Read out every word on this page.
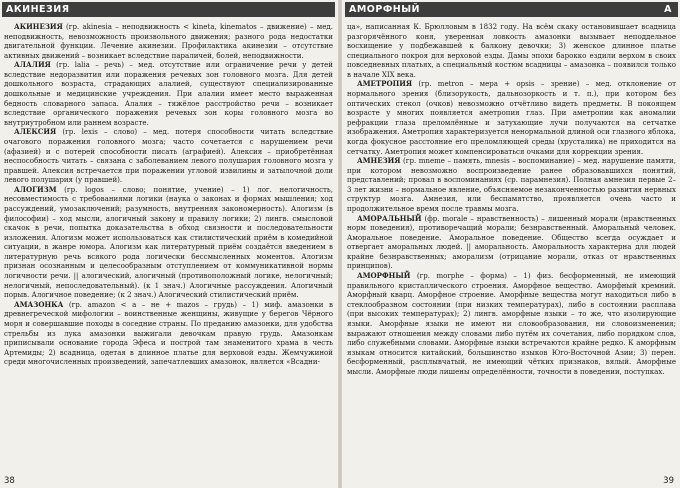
АКИНЕЗИЯ

АКИНЕЗИЯ (гр. akinesia – неподвижность < kinetа, kinematos – движение) – мед. неподвижность, невозможность произвольного движения; разного рода недостатки двигательной функции. Лечение акинезии. Профилактика акинезии – отсутствие активных движений – возникает вследствие параличей, болей, неподвижности.

АЛАЛИЯ (гр. lalia – речь) – мед. отсутствие или ограничение речи у детей вследствие недоразвития или поражения речевых зон головного мозга. Для детей дошкольного возраста, страдающих алалией, существуют специализированные дошкольные и медицинские учреждения. При алалии имеет место выраженная бедность словарного запаса. Алалия – тяжёлое расстройство речи – возникает вследствие органического поражения речевых зон коры головного мозга во внутриутробном или раннем возрасте.

АЛЕКСИЯ (гр. lexis – слово) – мед. потеря способности читать вследствие очагового поражения головного мозга; часто сочетается с нарушением речи (афазией) и с потерей способности писать (аграфией). Алексия – приобретённая неспособность читать – связана с заболеванием левого полушария головного мозга у правшей. Алексия встречается при поражении угловой извилины и затылочной доли левого полушария (у правшей).

АЛОГИЗМ (гр. logos – слово; понятие, учение) – 1) лог. нелогичность, несовместимость с требованиями логики (наука о законах и формах мышления; ход рассуждений, умозаключений; разумность, внутренняя закономерность). Алогизм (в философии) – ход мысли, алогичный закону и правилу логики; 2) лингв. смысловой скачок в речи, попытка доказательства в обход связности и последовательности изложения. Алогизм может использоваться как стилистический приём в комедийной ситуации, в жанре юмора. Алогизм как литературный приём создаётся введением в литературную речь всякого рода логически бессмысленных моментов. Алогизм признан осознанным и целесообразным отступлением от коммуникативной нормы логичности речи. || алогический, алогичный (противоположный логике, нелогичный; нелогичный, непоследовательный). (к 1 знач.) Алогичные рассуждения. Алогичный порыв. Алогичное поведение; (к 2 знач.) Алогический стилистический приём.

АМАЗОНКА (гр. amazon < a – не + mazos – грудь) – 1) миф. амазонки в древнегреческой мифологии – воинственные женщины, живущие у берегов Чёрного моря и совершавшие походы в соседние страны. По преданию амазонки, для удобства стрельбы из лука амазонки выжигали девочкам правую грудь. Амазонкам приписывали основание города Эфеса и построй там знаменитого храма в честь Артемиды; 2) всадница, одетая в длинное платье для верховой езды. Жемчужиной среди многочисленных произведений, запечатлевших амазонок, является «Всадни-

38
АМОРФНЫЙ	А

ца», написанная К. Брюлловым в 1832 году. На всём скаку остановившает всадница разгорячённого коня, уверенная ловкость амазонки вызывает неподдельное восхищение у подбежавшей к балкону девочки; 3) женское длинное платье специального покроя для верховой езды. Дамы эпохи барокко ездили верхом в своих повседневных платьях, а специальный костюм всадницы – амазонка – появился только в начале XIX века.

АМЕТРОПИЯ (гр. metron – мера + opsis – зрение) – мед. отклонение от нормального зрения (близорукость, дальнозоркость и т. п.), при котором без оптических стекол (очков) невозможно отчётливо видеть предметы. В покоящем возрасте у многих появляется аметропия глаз. При аметропии как аномалии рефракции глаза преломлённые и затухающие лучи получаются на сетчатке изображения. Аметропия характеризуется ненормальной длиной оси глазного яблока, когда фокусное расстояние его преломляющей среды (хрусталика) не приходится на сетчатку. Аметропия может компенсироваться очками для коррекции зрения.

АМНЕЗИЯ (гр. mneme – память, mnesis – воспоминание) – мед. нарушение памяти, при котором невозможно воспроизведение ранее образовавшихся понятий, представлений; провал в воспоминаниях (ср. парамнезия). Полная амнезия первые 2–3 лет жизни – нормальное явление, объясняемое незаконченностью развития нервных структур мозга. Амнезия, или беспамятство, проявляется очень часто и продолжительное время после травмы мозга.

АМОРАЛЬНЫЙ (фр. morale – нравственность) – лишенный морали (нравственных норм поведения), противоречащий морали; безнравственный. Аморальный человек. Аморальное поведение. Аморальное поведение. Общество всегда осуждает и отвергает аморальных людей. || аморальность. Аморальность характерна для людей крайне безнравственных; аморализм (отрицание морали, отказ от нравственных принципов).

АМОРФНЫЙ (гр. morphe – форма) – 1) физ. бесформенный, не имеющий правильного кристаллического строения. Аморфное вещество. Аморфный кремний. Аморфный кварц. Аморфное строение. Аморфные вещества могут находиться либо в стеклообразном состоянии (при низких температурах), либо в состоянии расплава (при высоких температурах); 2) лингв. аморфные языки – то же, что изолирующие языки. Аморфные языки не имеют ни словообразования, ни словоизменения; выражают отношения между словами либо путём их сочетания, либо порядком слов, либо служебными словами. Аморфные языки встречаются крайне редко. К аморфным языкам относится китайский, большинство языков Юго-Восточной Азии; 3) перен. бесформенный, расплывчатый, не имеющий чётких признаков, вялый. Аморфные мысли. Аморфные люди лишены определённости, точности в поведении, поступках.

39
